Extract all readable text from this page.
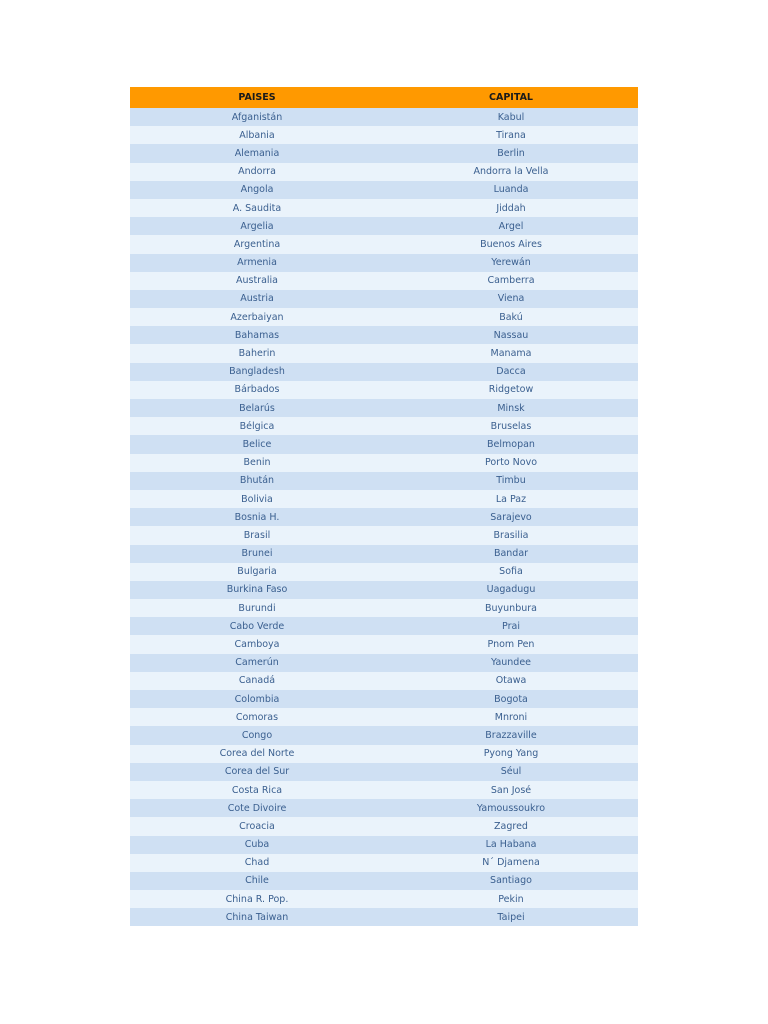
PAISES	CAPITAL
Afganistán	Kabul
Albania	Tirana
Alemania	Berlin
Andorra	Andorra la Vella
Angola	Luanda
A. Saudita	Jiddah
Argelia	Argel
Argentina	Buenos Aires
Armenia	Yerewán
Australia	Camberra
Austria	Viena
Azerbaiyan	Bakú
Bahamas	Nassau
Baherin	Manama
Bangladesh	Dacca
Bárbados	Ridgetow
Belarús	Minsk
Bélgica	Bruselas
Belice	Belmopan
Benin	Porto Novo
Bhután	Timbu
Bolivia	La Paz
Bosnia H.	Sarajevo
Brasil	Brasilia
Brunei	Bandar
Bulgaria	Sofia
Burkina Faso	Uagadugu
Burundi	Buyunbura
Cabo Verde	Prai
Camboya	Pnom Pen
Camerún	Yaundee
Canadá	Otawa
Colombia	Bogota
Comoras	Mnroni
Congo	Brazzaville
Corea del Norte	Pyong Yang
Corea del Sur	Séul
Costa Rica	San José
Cote Divoire	Yamoussoukro
Croacia	Zagred
Cuba	La Habana
Chad	N´ Djamena
Chile	Santiago
China R. Pop.	Pekin
China Taiwan	Taipei
